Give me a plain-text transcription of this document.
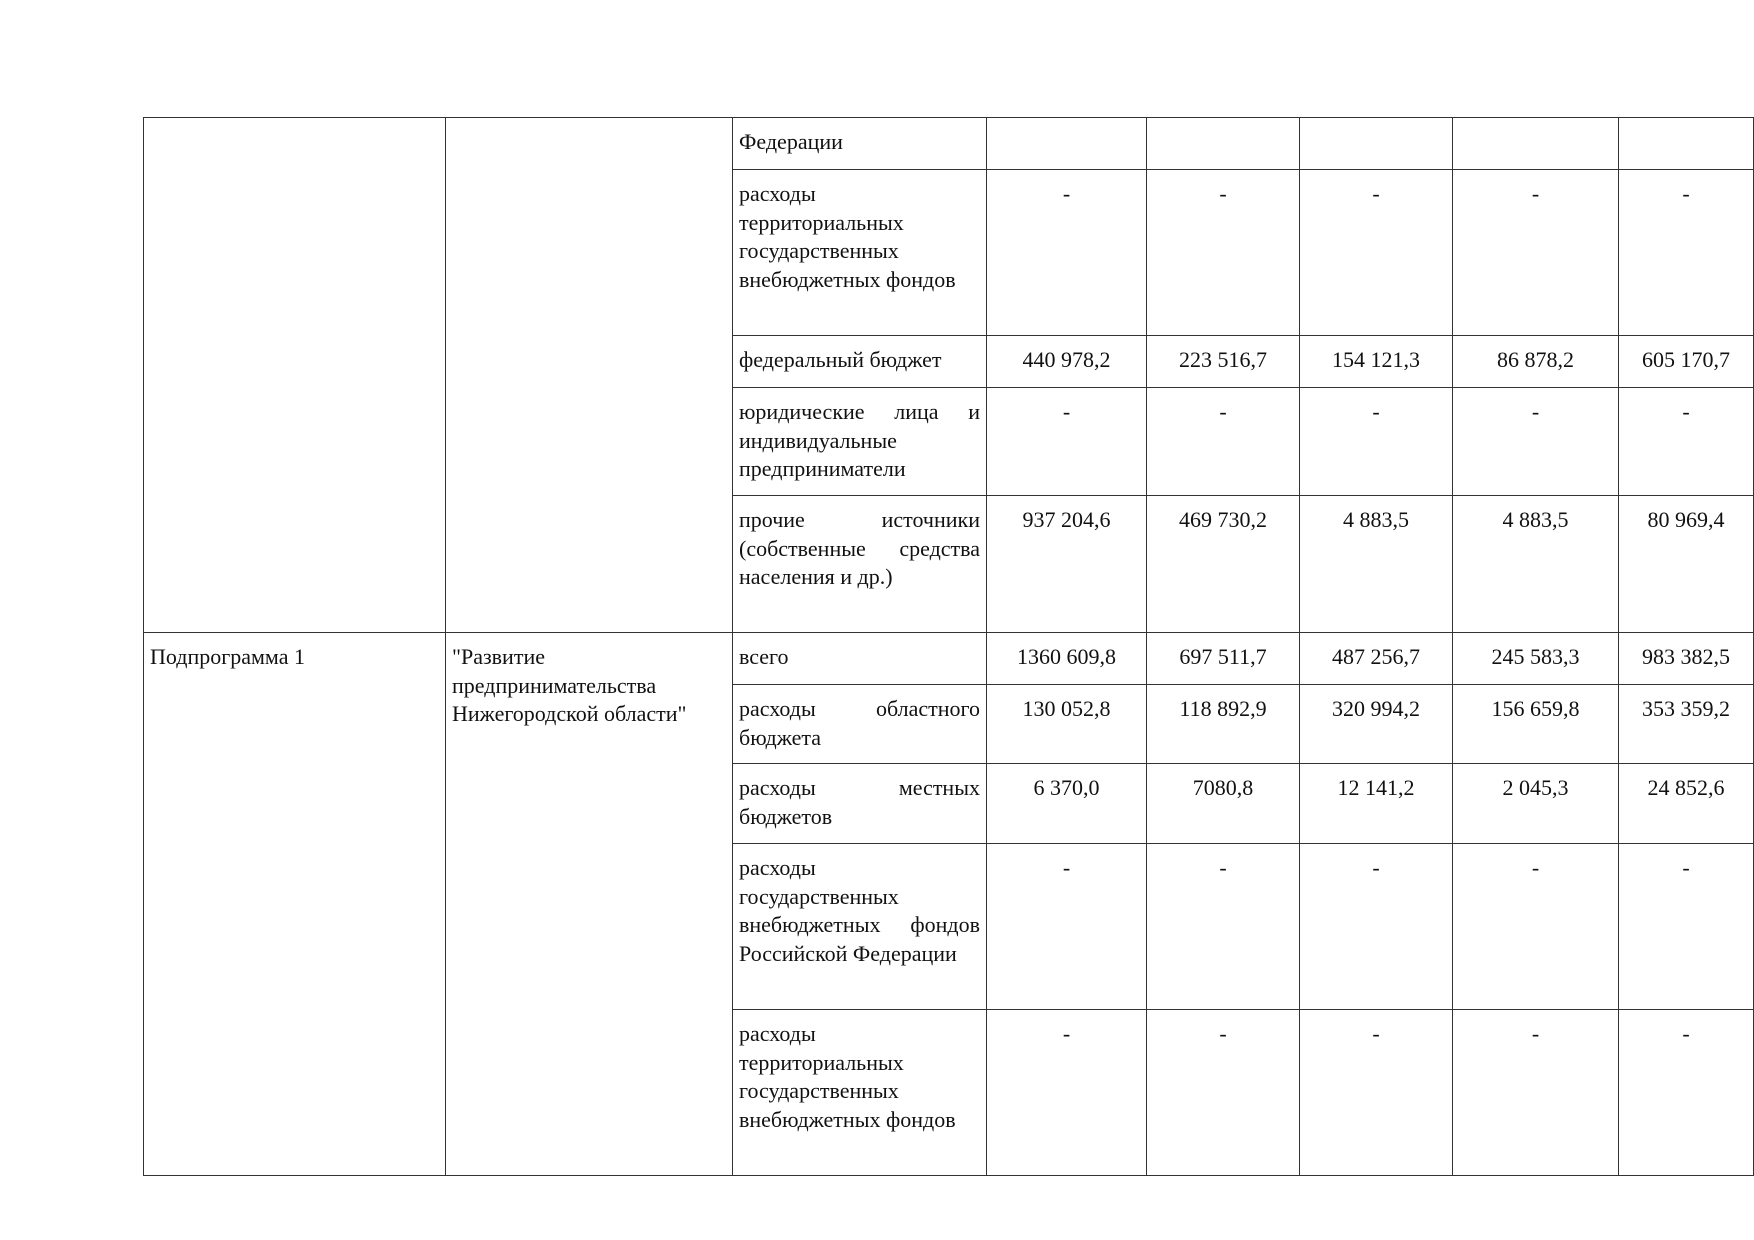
		Федерации					
		расходы территориальных государственных внебюджетных фондов	-	-	-	-	-
		федеральный бюджет	440 978,2	223 516,7	154 121,3	86 878,2	605 170,7
		юридические лица и индивидуальные предприниматели	-	-	-	-	-
		прочие источники (собственные средства населения и др.)	937 204,6	469 730,2	4 883,5	4 883,5	80 969,4
Подпрограмма 1	"Развитие предпринимательства Нижегородской области"	всего	1360 609,8	697 511,7	487 256,7	245 583,3	983 382,5
		расходы областного бюджета	130 052,8	118 892,9	320 994,2	156 659,8	353 359,2
		расходы местных бюджетов	6 370,0	7080,8	12 141,2	2 045,3	24 852,6
		расходы государственных внебюджетных фондов Российской Федерации	-	-	-	-	-
		расходы территориальных государственных внебюджетных фондов	-	-	-	-	-
